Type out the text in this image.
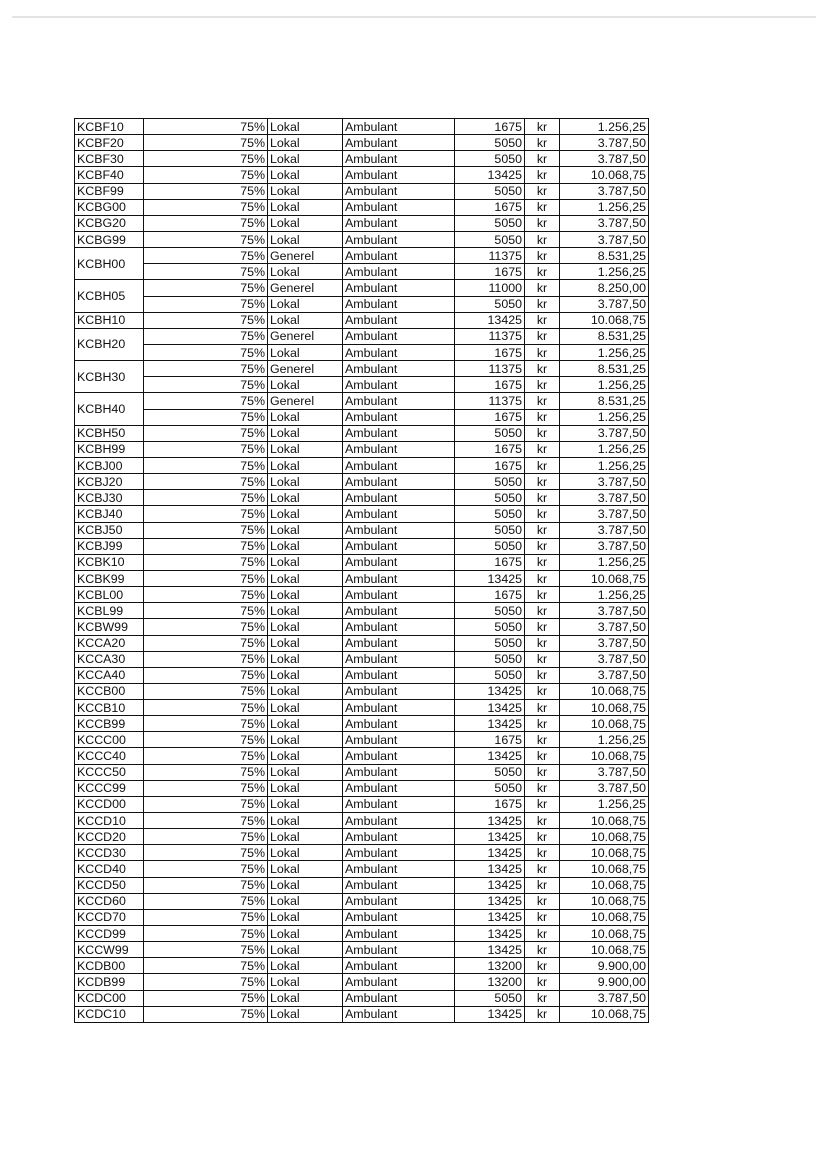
KCBF10	75%	Lokal	Ambulant	1675	kr	1.256,25
KCBF20	75%	Lokal	Ambulant	5050	kr	3.787,50
KCBF30	75%	Lokal	Ambulant	5050	kr	3.787,50
KCBF40	75%	Lokal	Ambulant	13425	kr	10.068,75
KCBF99	75%	Lokal	Ambulant	5050	kr	3.787,50
KCBG00	75%	Lokal	Ambulant	1675	kr	1.256,25
KCBG20	75%	Lokal	Ambulant	5050	kr	3.787,50
KCBG99	75%	Lokal	Ambulant	5050	kr	3.787,50
KCBH00	75%	Generel	Ambulant	11375	kr	8.531,25
	75%	Lokal	Ambulant	1675	kr	1.256,25
KCBH05	75%	Generel	Ambulant	11000	kr	8.250,00
	75%	Lokal	Ambulant	5050	kr	3.787,50
KCBH10	75%	Lokal	Ambulant	13425	kr	10.068,75
KCBH20	75%	Generel	Ambulant	11375	kr	8.531,25
	75%	Lokal	Ambulant	1675	kr	1.256,25
KCBH30	75%	Generel	Ambulant	11375	kr	8.531,25
	75%	Lokal	Ambulant	1675	kr	1.256,25
KCBH40	75%	Generel	Ambulant	11375	kr	8.531,25
	75%	Lokal	Ambulant	1675	kr	1.256,25
KCBH50	75%	Lokal	Ambulant	5050	kr	3.787,50
KCBH99	75%	Lokal	Ambulant	1675	kr	1.256,25
KCBJ00	75%	Lokal	Ambulant	1675	kr	1.256,25
KCBJ20	75%	Lokal	Ambulant	5050	kr	3.787,50
KCBJ30	75%	Lokal	Ambulant	5050	kr	3.787,50
KCBJ40	75%	Lokal	Ambulant	5050	kr	3.787,50
KCBJ50	75%	Lokal	Ambulant	5050	kr	3.787,50
KCBJ99	75%	Lokal	Ambulant	5050	kr	3.787,50
KCBK10	75%	Lokal	Ambulant	1675	kr	1.256,25
KCBK99	75%	Lokal	Ambulant	13425	kr	10.068,75
KCBL00	75%	Lokal	Ambulant	1675	kr	1.256,25
KCBL99	75%	Lokal	Ambulant	5050	kr	3.787,50
KCBW99	75%	Lokal	Ambulant	5050	kr	3.787,50
KCCA20	75%	Lokal	Ambulant	5050	kr	3.787,50
KCCA30	75%	Lokal	Ambulant	5050	kr	3.787,50
KCCA40	75%	Lokal	Ambulant	5050	kr	3.787,50
KCCB00	75%	Lokal	Ambulant	13425	kr	10.068,75
KCCB10	75%	Lokal	Ambulant	13425	kr	10.068,75
KCCB99	75%	Lokal	Ambulant	13425	kr	10.068,75
KCCC00	75%	Lokal	Ambulant	1675	kr	1.256,25
KCCC40	75%	Lokal	Ambulant	13425	kr	10.068,75
KCCC50	75%	Lokal	Ambulant	5050	kr	3.787,50
KCCC99	75%	Lokal	Ambulant	5050	kr	3.787,50
KCCD00	75%	Lokal	Ambulant	1675	kr	1.256,25
KCCD10	75%	Lokal	Ambulant	13425	kr	10.068,75
KCCD20	75%	Lokal	Ambulant	13425	kr	10.068,75
KCCD30	75%	Lokal	Ambulant	13425	kr	10.068,75
KCCD40	75%	Lokal	Ambulant	13425	kr	10.068,75
KCCD50	75%	Lokal	Ambulant	13425	kr	10.068,75
KCCD60	75%	Lokal	Ambulant	13425	kr	10.068,75
KCCD70	75%	Lokal	Ambulant	13425	kr	10.068,75
KCCD99	75%	Lokal	Ambulant	13425	kr	10.068,75
KCCW99	75%	Lokal	Ambulant	13425	kr	10.068,75
KCDB00	75%	Lokal	Ambulant	13200	kr	9.900,00
KCDB99	75%	Lokal	Ambulant	13200	kr	9.900,00
KCDC00	75%	Lokal	Ambulant	5050	kr	3.787,50
KCDC10	75%	Lokal	Ambulant	13425	kr	10.068,75
